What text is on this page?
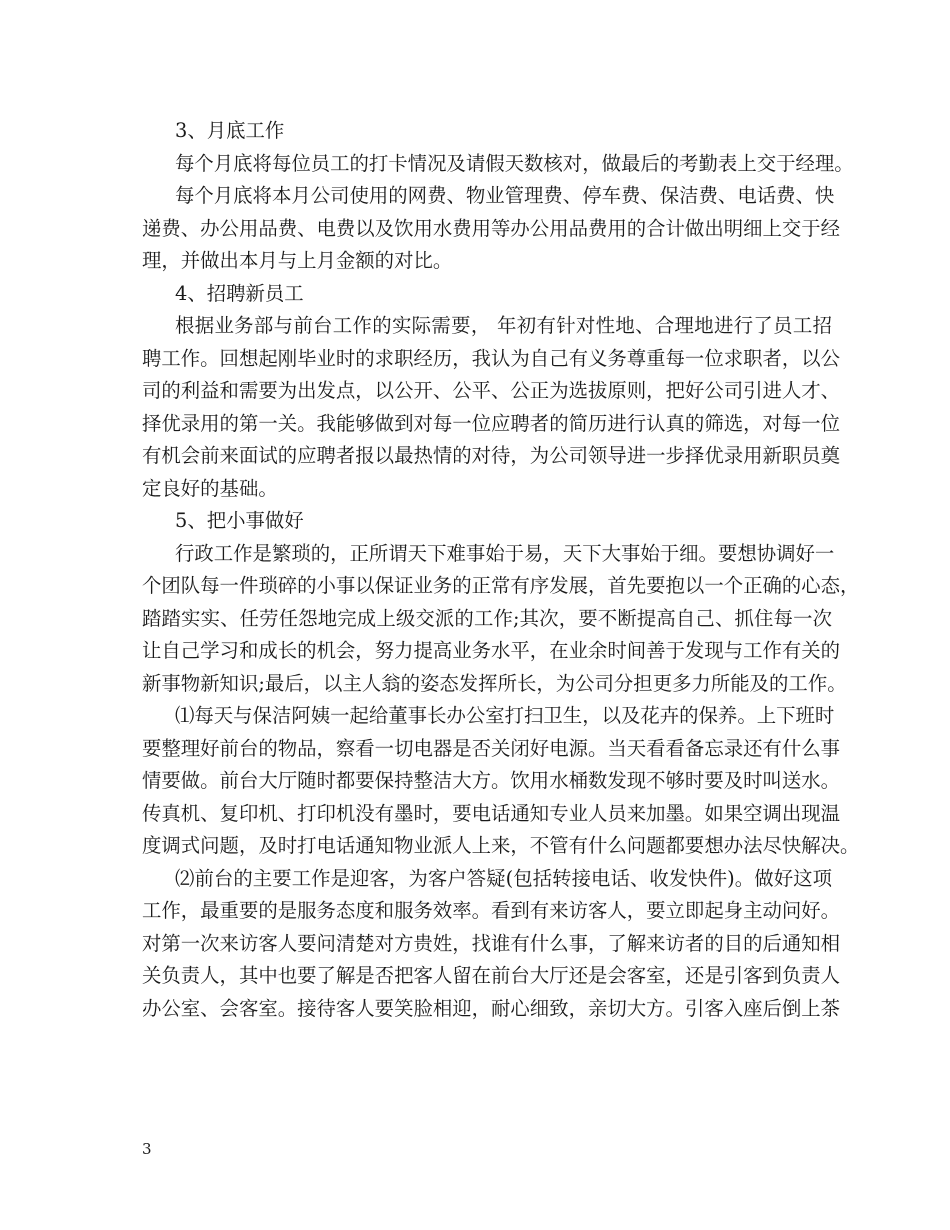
3、月底工作
每个月底将每位员工的打卡情况及请假天数核对，做最后的考勤表上交于经理。
每个月底将本月公司使用的网费、物业管理费、停车费、保洁费、电话费、快
递费、办公用品费、电费以及饮用水费用等办公用品费用的合计做出明细上交于经
理，并做出本月与上月金额的对比。
4、招聘新员工
根据业务部与前台工作的实际需要， 年初有针对性地、合理地进行了员工招
聘工作。回想起刚毕业时的求职经历，我认为自己有义务尊重每一位求职者，以公
司的利益和需要为出发点，以公开、公平、公正为选拔原则，把好公司引进人才、
择优录用的第一关。我能够做到对每一位应聘者的简历进行认真的筛选，对每一位
有机会前来面试的应聘者报以最热情的对待，为公司领导进一步择优录用新职员奠
定良好的基础。
5、把小事做好
行政工作是繁琐的，正所谓天下难事始于易，天下大事始于细。要想协调好一
个团队每一件琐碎的小事以保证业务的正常有序发展，首先要抱以一个正确的心态，
踏踏实实、任劳任怨地完成上级交派的工作;其次，要不断提高自己、抓住每一次
让自己学习和成长的机会，努力提高业务水平，在业余时间善于发现与工作有关的
新事物新知识;最后，以主人翁的姿态发挥所长，为公司分担更多力所能及的工作。
⑴每天与保洁阿姨一起给董事长办公室打扫卫生，以及花卉的保养。上下班时
要整理好前台的物品，察看一切电器是否关闭好电源。当天看看备忘录还有什么事
情要做。前台大厅随时都要保持整洁大方。饮用水桶数发现不够时要及时叫送水。
传真机、复印机、打印机没有墨时，要电话通知专业人员来加墨。如果空调出现温
度调式问题，及时打电话通知物业派人上来，不管有什么问题都要想办法尽快解决。
⑵前台的主要工作是迎客，为客户答疑(包括转接电话、收发快件)。做好这项
工作，最重要的是服务态度和服务效率。看到有来访客人，要立即起身主动问好。
对第一次来访客人要问清楚对方贵姓，找谁有什么事，了解来访者的目的后通知相
关负责人，其中也要了解是否把客人留在前台大厅还是会客室，还是引客到负责人
办公室、会客室。接待客人要笑脸相迎，耐心细致，亲切大方。引客入座后倒上茶
3
